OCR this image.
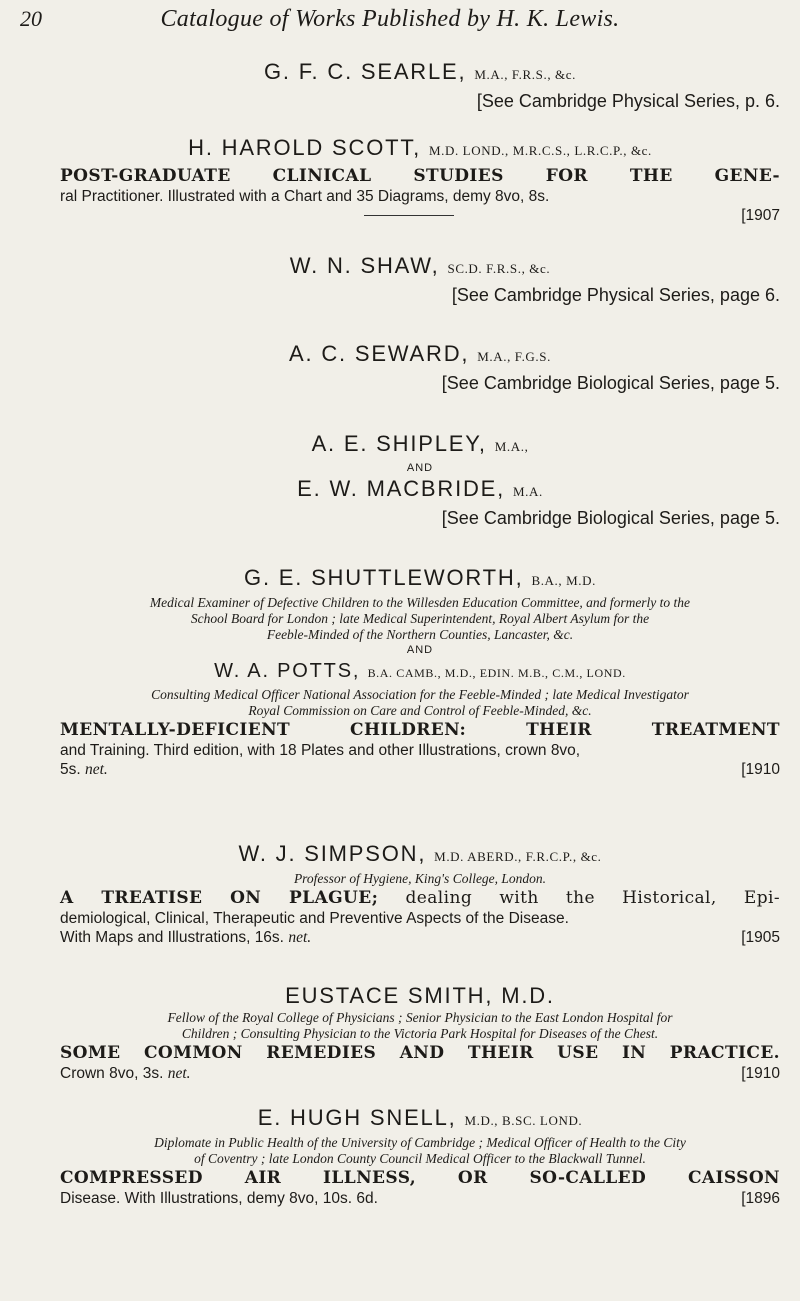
20	Catalogue of Works Published by H. K. Lewis.
G. F. C. SEARLE, M.A., F.R.S., &c.
[See Cambridge Physical Series, p. 6.
H. HAROLD SCOTT, M.D. LOND., M.R.C.S., L.R.C.P., &c.
POST-GRADUATE CLINICAL STUDIES FOR THE GENE-
ral Practitioner. Illustrated with a Chart and 35 Diagrams, demy 8vo, 8s.

[1907
W. N. SHAW, SC.D. F.R.S., &c.
[See Cambridge Physical Series, page 6.
A. C. SEWARD, M.A., F.G.S.
[See Cambridge Biological Series, page 5.
A. E. SHIPLEY, M.A.,
AND
E. W. MACBRIDE, M.A.
[See Cambridge Biological Series, page 5.
G. E. SHUTTLEWORTH, B.A., M.D.
Medical Examiner of Defective Children to the Willesden Education Committee, and formerly to the
School Board for London ; late Medical Superintendent, Royal Albert Asylum for the
Feeble-Minded of the Northern Counties, Lancaster, &c.
AND
W. A. POTTS, B.A. CAMB., M.D., EDIN. M.B., C.M., LOND.
Consulting Medical Officer National Association for the Feeble-Minded ; late Medical Investigator
Royal Commission on Care and Control of Feeble-Minded, &c.
MENTALLY-DEFICIENT CHILDREN: THEIR TREATMENT
and Training. Third edition, with 18 Plates and other Illustrations, crown 8vo,
5s. net.	[1910
W. J. SIMPSON, M.D. ABERD., F.R.C.P., &c.
Professor of Hygiene, King's College, London.
A TREATISE ON PLAGUE; dealing with the Historical, Epi-
demiological, Clinical, Therapeutic and Preventive Aspects of the Disease.
With Maps and Illustrations, 16s. net.	[1905
EUSTACE SMITH, M.D.
Fellow of the Royal College of Physicians ; Senior Physician to the East London Hospital for
Children ; Consulting Physician to the Victoria Park Hospital for Diseases of the Chest.
SOME COMMON REMEDIES AND THEIR USE IN PRACTICE.
Crown 8vo, 3s. net.	[1910
E. HUGH SNELL, M.D., B.SC. LOND.
Diplomate in Public Health of the University of Cambridge ; Medical Officer of Health to the City
of Coventry ; late London County Council Medical Officer to the Blackwall Tunnel.
COMPRESSED AIR ILLNESS, OR SO-CALLED CAISSON
Disease. With Illustrations, demy 8vo, 10s. 6d.	[1896
